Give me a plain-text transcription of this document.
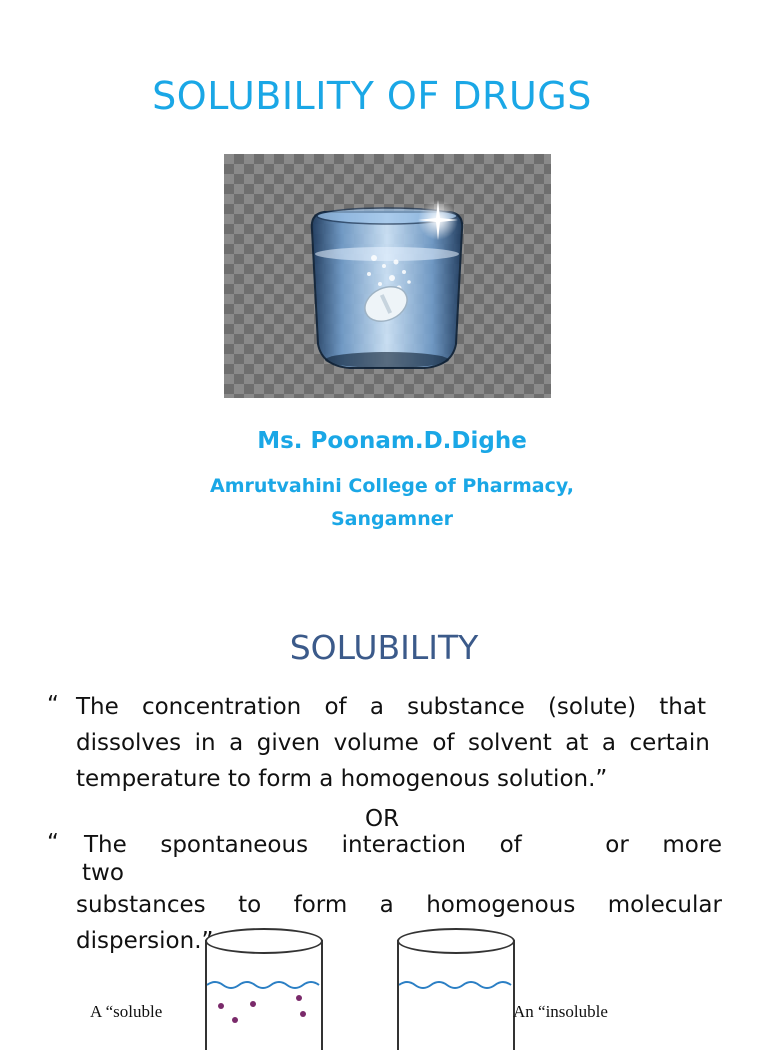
SOLUBILITY OF DRUGS
Ms. Poonam.D.Dighe
Amrutvahini College of Pharmacy,
Sangamner
SOLUBILITY
“ The concentration of a substance (solute) that
dissolves in a given volume of solvent at a certain
temperature to form a homogenous solution.”
OR
“ The spontaneous interaction of	or more
two
substances to form a homogenous molecular
dispersion.”
A “soluble	An “insoluble
